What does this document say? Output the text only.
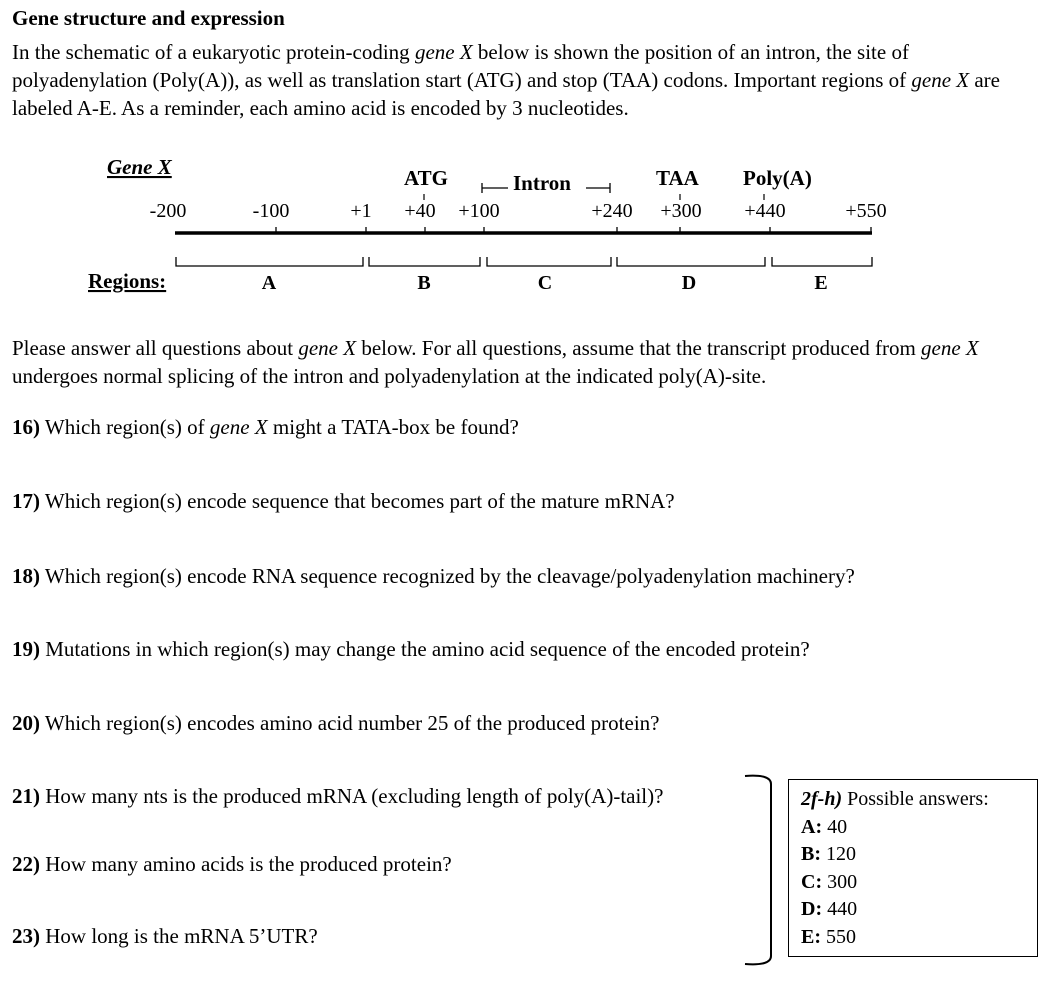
Gene structure and expression
In the schematic of a eukaryotic protein-coding gene X below is shown the position of an intron, the site of polyadenylation (Poly(A)), as well as translation start (ATG) and stop (TAA) codons. Important regions of gene X are labeled A-E. As a reminder, each amino acid is encoded by 3 nucleotides.
Gene X	ATG	Intron	TAA Poly(A)
-200	-100	+1 +40 +100	+240 +300 +440	+550
Regions:	A	B	C	D	E
Please answer all questions about gene X below. For all questions, assume that the transcript produced from gene X undergoes normal splicing of the intron and polyadenylation at the indicated poly(A)-site.
16) Which region(s) of gene X might a TATA-box be found?
17) Which region(s) encode sequence that becomes part of the mature mRNA?
18) Which region(s) encode RNA sequence recognized by the cleavage/polyadenylation machinery?
19) Mutations in which region(s) may change the amino acid sequence of the encoded protein?
20) Which region(s) encodes amino acid number 25 of the produced protein?
21) How many nts is the produced mRNA (excluding length of poly(A)-tail)?
22) How many amino acids is the produced protein?
23) How long is the mRNA 5’UTR?
2f-h) Possible answers:
A: 40
B: 120
C: 300
D: 440
E: 550
